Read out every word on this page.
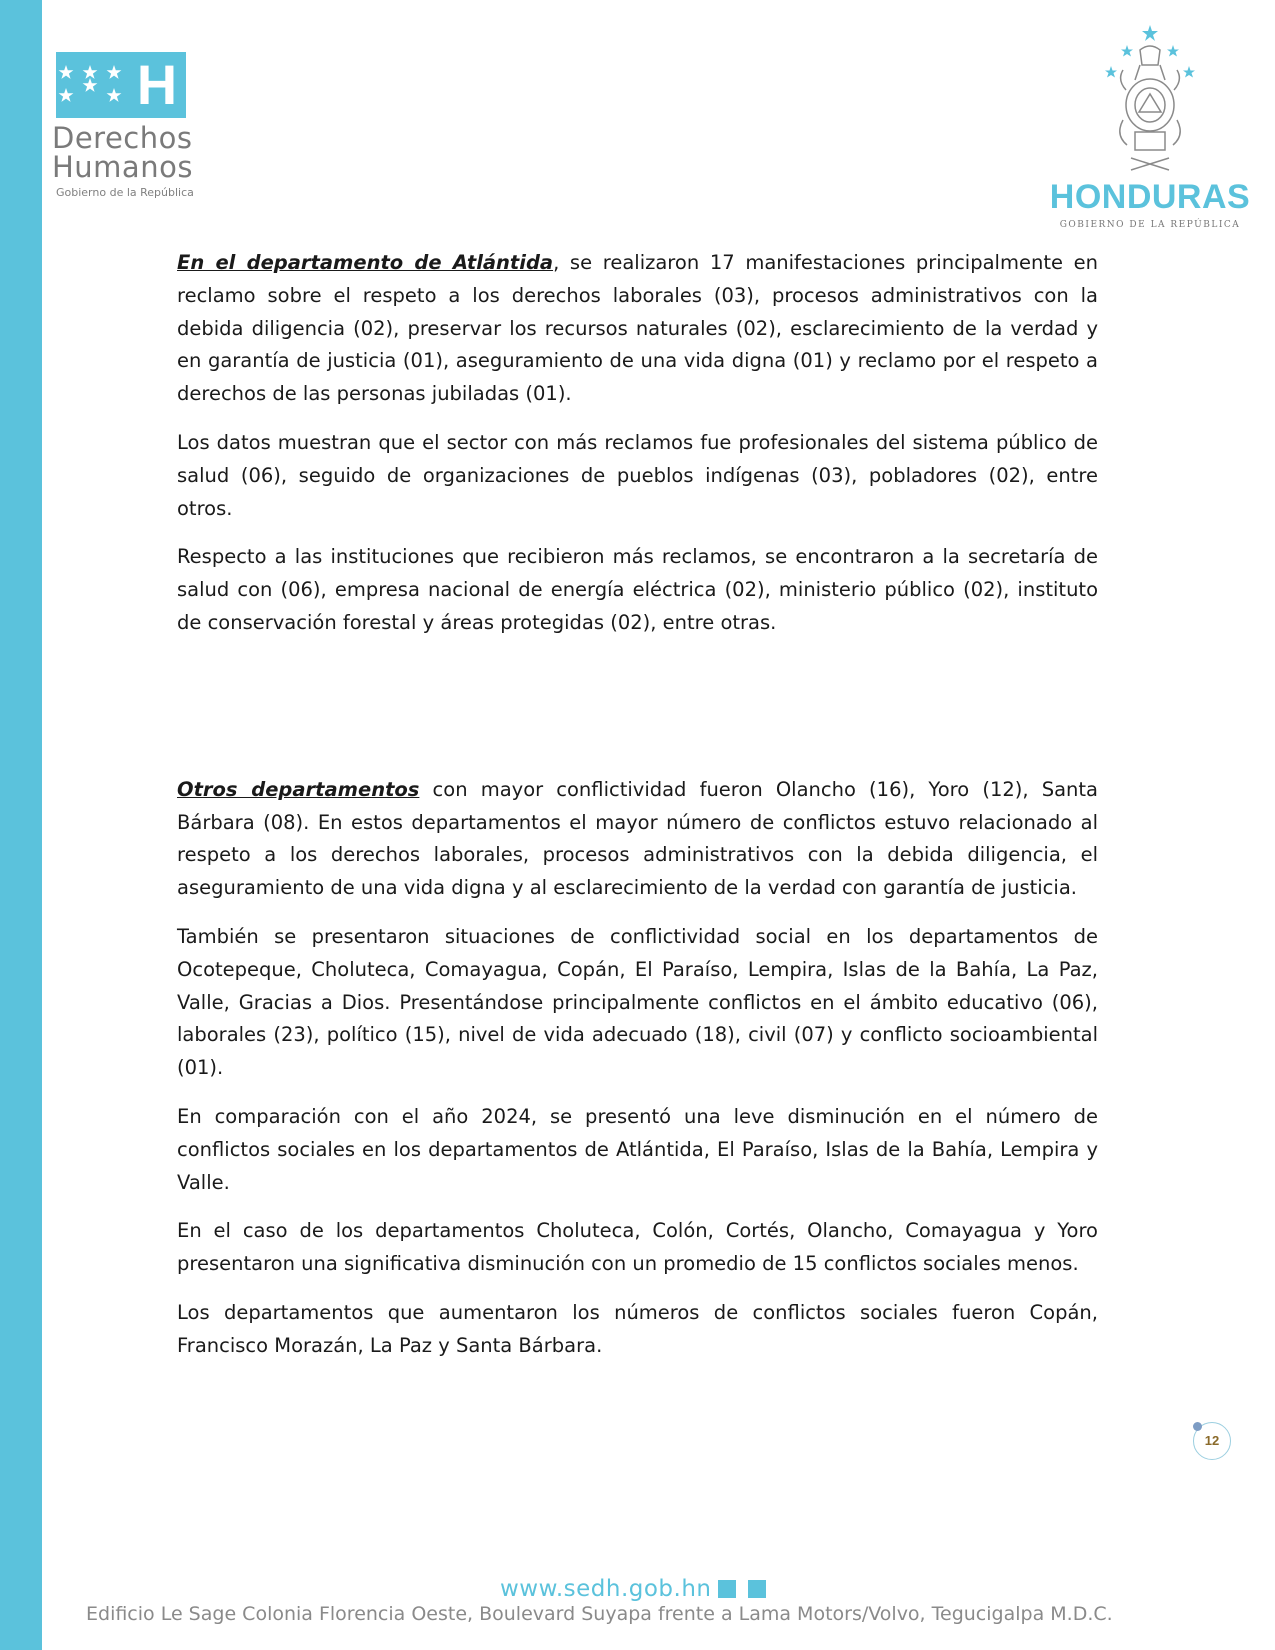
H
Derechos
Humanos
Gobierno de la República	HONDURAS
GOBIERNO DE LA REPÚBLICA

En el departamento de Atlántida, se realizaron 17 manifestaciones principalmente en reclamo sobre el respeto a los derechos laborales (03), procesos administrativos con la debida diligencia (02), preservar los recursos naturales (02), esclarecimiento de la verdad y en garantía de justicia (01), aseguramiento de una vida digna (01) y reclamo por el respeto a derechos de las personas jubiladas (01).

Los datos muestran que el sector con más reclamos fue profesionales del sistema público de salud (06), seguido de organizaciones de pueblos indígenas (03), pobladores (02), entre otros.

Respecto a las instituciones que recibieron más reclamos, se encontraron a la secretaría de salud con (06), empresa nacional de energía eléctrica (02), ministerio público (02), instituto de conservación forestal y áreas protegidas (02), entre otras.

Otros departamentos con mayor conflictividad fueron Olancho (16), Yoro (12), Santa Bárbara (08). En estos departamentos el mayor número de conflictos estuvo relacionado al respeto a los derechos laborales, procesos administrativos con la debida diligencia, el aseguramiento de una vida digna y al esclarecimiento de la verdad con garantía de justicia.

También se presentaron situaciones de conflictividad social en los departamentos de Ocotepeque, Choluteca, Comayagua, Copán, El Paraíso, Lempira, Islas de la Bahía, La Paz, Valle, Gracias a Dios. Presentándose principalmente conflictos en el ámbito educativo (06), laborales (23), político (15), nivel de vida adecuado (18), civil (07) y conflicto socioambiental (01).

En comparación con el año 2024, se presentó una leve disminución en el número de conflictos sociales en los departamentos de Atlántida, El Paraíso, Islas de la Bahía, Lempira y Valle.

En el caso de los departamentos Choluteca, Colón, Cortés, Olancho, Comayagua y Yoro presentaron una significativa disminución con un promedio de 15 conflictos sociales menos.

Los departamentos que aumentaron los números de conflictos sociales fueron Copán, Francisco Morazán, La Paz y Santa Bárbara.

12
www.sedh.gob.hn
Edificio Le Sage Colonia Florencia Oeste, Boulevard Suyapa frente a Lama Motors/Volvo, Tegucigalpa M.D.C.
